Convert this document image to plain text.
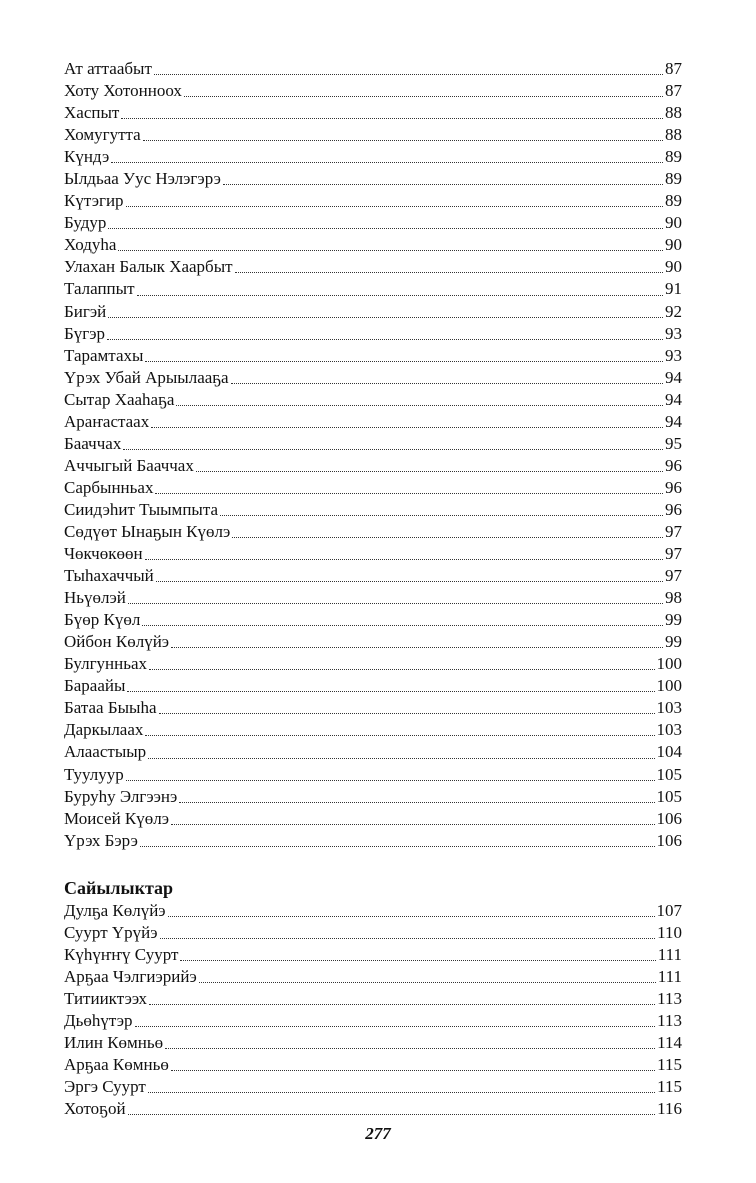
Ат аттаабыт	87
Хоту Хотонноох	87
Хаспыт	88
Хомугутта	88
Күндэ	89
Ылдьаа Уус Нэлэгэрэ	89
Күтэгир	89
Будур	90
Ходуһа	90
Улахан Балык Хаарбыт	90
Талаппыт	91
Бигэй	92
Бүгэр	93
Тарамтахы	93
Үрэх Убай Арыылааҕа	94
Сытар Хааһаҕа	94
Араҥастаах	94
Бааччах	95
Аччыгый Бааччах	96
Сарбынньах	96
Сиидэһит Тыымпыта	96
Сөдүөт Ынаҕын Күөлэ	97
Чөкчөкөөн	97
Тыһахаччый	97
Ньүөлэй	98
Бүөр Күөл	99
Ойбон Көлүйэ	99
Булгунньах	100
Бараайы	100
Батаа Быыһа	103
Даркылаах	103
Алаастыыр	104
Туулуур	105
Буруһу Элгээнэ	105
Моисей Күөлэ	106
Үрэх Бэрэ	106
Сайылыктар
Дулҕа Көлүйэ	107
Суурт Үрүйэ	110
Күһүҥҥү Суурт	111
Арҕаа Чэлгиэрийэ	111
Титииктээх	113
Дьөһүтэр	113
Илин Көмньө	114
Арҕаа Көмньө	115
Эргэ Суурт	115
Хотоҕой	116
277
